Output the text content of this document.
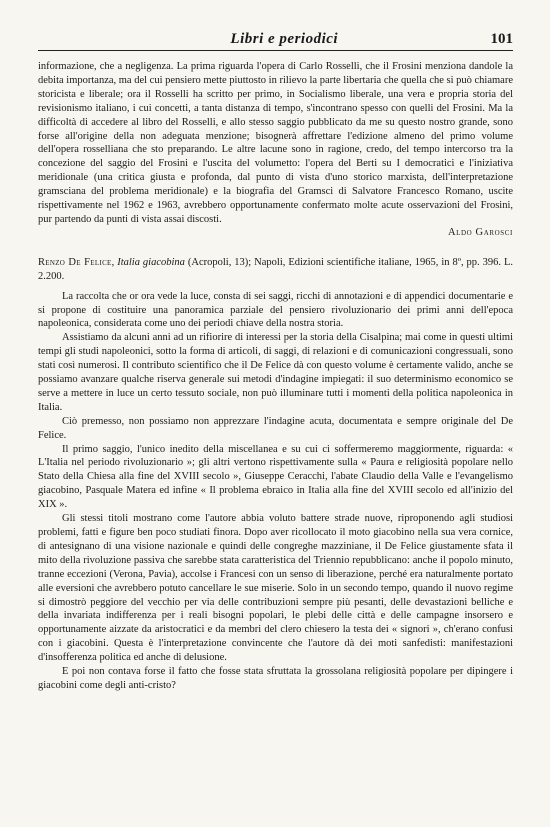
Libri e periodici	101

informazione, che a negligenza. La prima riguarda l'opera di Carlo Rosselli, che il Frosini menziona dandole la debita importanza, ma del cui pensiero mette piuttosto in rilievo la parte libertaria che quella che si può chiamare storicista e liberale; ora il Rosselli ha scritto per primo, in Socialismo liberale, una vera e propria storia del revisionismo italiano, i cui concetti, a tanta distanza di tempo, s'incontrano spesso con quelli del Frosini. Ma la difficoltà di accedere al libro del Rosselli, e allo stesso saggio pubblicato da me su questo nostro grande, sono forse all'origine della non adeguata menzione; bisognerà affrettare l'edizione almeno del primo volume dell'opera rosselliana che sto preparando. Le altre lacune sono in ragione, credo, del tempo intercorso tra la concezione del saggio del Frosini e l'uscita del volumetto: l'opera del Berti su I democratici e l'iniziativa meridionale (una critica giusta e profonda, dal punto di vista d'uno storico marxista, dell'interpretazione gramsciana del problema meridionale) e la biografia del Gramsci di Salvatore Francesco Romano, uscite rispettivamente nel 1962 e 1963, avrebbero opportunamente confermato molte acute osservazioni del Frosini, pur partendo da punti di vista assai discosti.

Aldo Garosci

Renzo De Felice, Italia giacobina (Acropoli, 13); Napoli, Edizioni scientifiche italiane, 1965, in 8º, pp. 396. L. 2.200.

La raccolta che or ora vede la luce, consta di sei saggi, ricchi di annotazioni e di appendici documentarie e si propone di costituire una panoramica parziale del pensiero rivoluzionario dei primi anni dell'epoca napoleonica, considerata come uno dei periodi chiave della nostra storia.

Assistiamo da alcuni anni ad un rifiorire di interessi per la storia della Cisalpina; mai come in questi ultimi tempi gli studi napoleonici, sotto la forma di articoli, di saggi, di relazioni e di comunicazioni congressuali, sono stati così numerosi. Il contributo scientifico che il De Felice dà con questo volume è certamente valido, anche se possiamo avanzare qualche riserva generale sui metodi d'indagine impiegati: il suo determinismo economico se serve a mettere in luce un certo tessuto sociale, non può illuminare tutti i momenti della politica napoleonica in Italia.

Ciò premesso, non possiamo non apprezzare l'indagine acuta, documentata e sempre originale del De Felice.

Il primo saggio, l'unico inedito della miscellanea e su cui ci soffermeremo maggiormente, riguarda: « L'Italia nel periodo rivoluzionario »; gli altri vertono rispettivamente sulla « Paura e religiosità popolare nello Stato della Chiesa alla fine del XVIII secolo », Giuseppe Ceracchi, l'abate Claudio della Valle e l'evangelismo giacobino, Pasquale Matera ed infine « Il problema ebraico in Italia alla fine del XVIII secolo ed all'inizio del XIX ».

Gli stessi titoli mostrano come l'autore abbia voluto battere strade nuove, riproponendo agli studiosi problemi, fatti e figure ben poco studiati finora. Dopo aver ricollocato il moto giacobino nella sua vera cornice, di antesignano di una visione nazionale e quindi delle congreghe mazziniane, il De Felice giustamente sfata il mito della rivoluzione passiva che sarebbe stata caratteristica del Triennio repubblicano: anche il popolo minuto, tranne eccezioni (Verona, Pavia), accolse i Francesi con un senso di liberazione, perché era naturalmente portato alle eversioni che avrebbero potuto cancellare le sue miserie. Solo in un secondo tempo, quando il nuovo regime si dimostrò peggiore del vecchio per via delle contribuzioni sempre più pesanti, delle devastazioni belliche e della invariata indifferenza per i reali bisogni popolari, le plebi delle città e delle campagne insorsero e opportunamente aizzate da aristocratici e da membri del clero chiesero la testa dei « signori », ch'erano confusi con i giacobini. Questa è l'interpretazione convincente che l'autore dà dei moti sanfedisti: manifestazioni d'insofferenza politica ed anche di delusione.

E poi non contava forse il fatto che fosse stata sfruttata la grossolana religiosità popolare per dipingere i giacobini come degli anti-cristo?
